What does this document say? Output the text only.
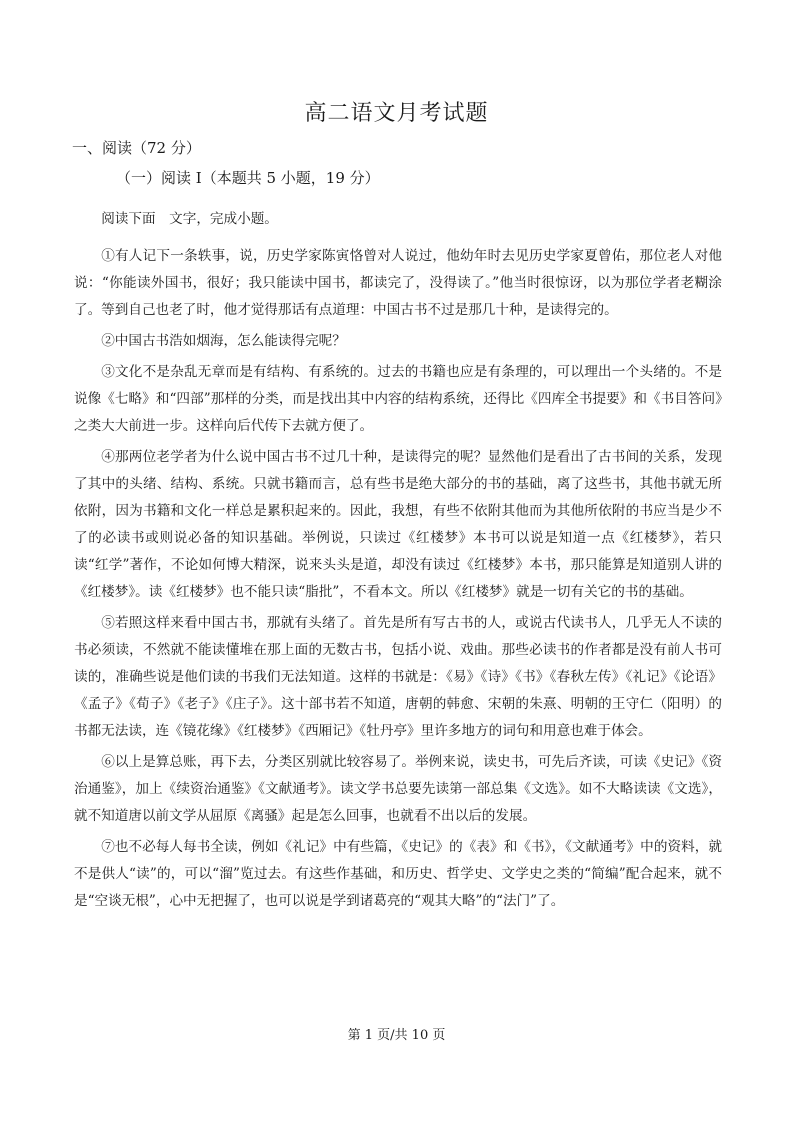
高二语文月考试题
一、阅读（72 分）
（一）阅读 I（本题共 5 小题，19 分）

阅读下面　文字，完成小题。

①有人记下一条轶事，说，历史学家陈寅恪曾对人说过，他幼年时去见历史学家夏曾佑，那位老人对他说：“你能读外国书，很好；我只能读中国书，都读完了，没得读了。”他当时很惊讶，以为那位学者老糊涂了。等到自己也老了时，他才觉得那话有点道理：中国古书不过是那几十种，是读得完的。

②中国古书浩如烟海，怎么能读得完呢？

③文化不是杂乱无章而是有结构、有系统的。过去的书籍也应是有条理的，可以理出一个头绪的。不是说像《七略》和“四部”那样的分类，而是找出其中内容的结构系统，还得比《四库全书提要》和《书目答问》之类大大前进一步。这样向后代传下去就方便了。

④那两位老学者为什么说中国古书不过几十种，是读得完的呢？显然他们是看出了古书间的关系，发现了其中的头绪、结构、系统。只就书籍而言，总有些书是绝大部分的书的基础，离了这些书，其他书就无所依附，因为书籍和文化一样总是累积起来的。因此，我想，有些不依附其他而为其他所依附的书应当是少不了的必读书或则说必备的知识基础。举例说，只读过《红楼梦》本书可以说是知道一点《红楼梦》，若只读“红学”著作，不论如何博大精深，说来头头是道，却没有读过《红楼梦》本书，那只能算是知道别人讲的《红楼梦》。读《红楼梦》也不能只读“脂批”，不看本文。所以《红楼梦》就是一切有关它的书的基础。

⑤若照这样来看中国古书，那就有头绪了。首先是所有写古书的人，或说古代读书人，几乎无人不读的书必须读，不然就不能读懂堆在那上面的无数古书，包括小说、戏曲。那些必读书的作者都是没有前人书可读的，准确些说是他们读的书我们无法知道。这样的书就是：《易》《诗》《书》《春秋左传》《礼记》《论语》《孟子》《荀子》《老子》《庄子》。这十部书若不知道，唐朝的韩愈、宋朝的朱熹、明朝的王守仁（阳明）的书都无法读，连《镜花缘》《红楼梦》《西厢记》《牡丹亭》里许多地方的词句和用意也难于体会。

⑥以上是算总账，再下去，分类区别就比较容易了。举例来说，读史书，可先后齐读，可读《史记》《资治通鉴》，加上《续资治通鉴》《文献通考》。读文学书总要先读第一部总集《文选》。如不大略读读《文选》，就不知道唐以前文学从屈原《离骚》起是怎么回事，也就看不出以后的发展。

⑦也不必每人每书全读，例如《礼记》中有些篇，《史记》的《表》和《书》，《文献通考》中的资料，就不是供人“读”的，可以“溜”览过去。有这些作基础，和历史、哲学史、文学史之类的“简编”配合起来，就不是“空谈无根”，心中无把握了，也可以说是学到诸葛亮的“观其大略”的“法门”了。

第 1 页/共 10 页
